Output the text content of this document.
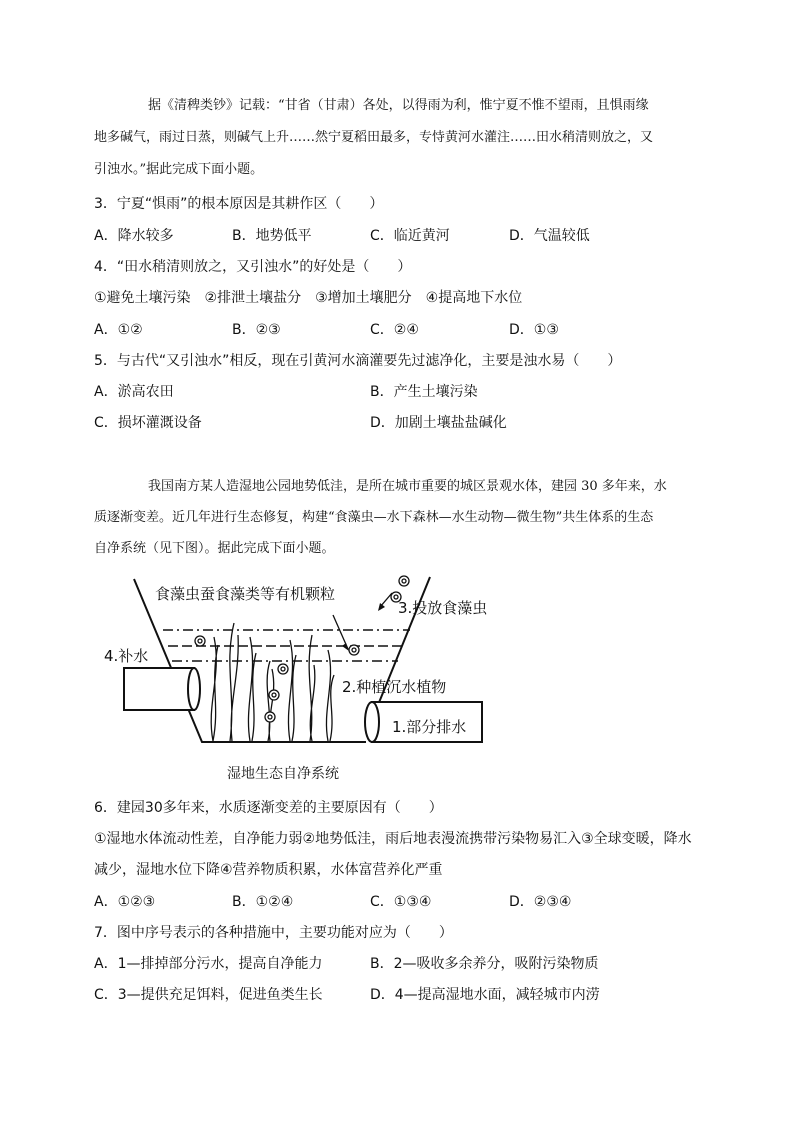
据《清稗类钞》记载：“甘省（甘肃）各处，以得雨为利，惟宁夏不惟不望雨，且惧雨缘
地多碱气，雨过日蒸，则碱气上升……然宁夏稻田最多，专恃黄河水灌注……田水稍清则放之，又
引浊水。”据此完成下面小题。
3．宁夏“惧雨”的根本原因是其耕作区（　　）
A．降水较多	B．地势低平	C．临近黄河	D．气温较低
4．“田水稍清则放之，又引浊水”的好处是（　　）
①避免土壤污染　②排泄土壤盐分　③增加土壤肥分　④提高地下水位
A．①②	B．②③	C．②④	D．①③
5．与古代“又引浊水”相反，现在引黄河水滴灌要先过滤净化，主要是浊水易（　　）
A．淤高农田	B．产生土壤污染
C．损坏灌溉设备	D．加剧土壤盐盐碱化
我国南方某人造湿地公园地势低洼，是所在城市重要的城区景观水体，建园 30 多年来，水
质逐渐变差。近几年进行生态修复，构建“食藻虫—水下森林—水生动物—微生物”共生体系的生态
自净系统（见下图）。据此完成下面小题。
食藻虫蚕食藻类等有机颗粒
3.投放食藻虫
4.补水
2.种植沉水植物
1.部分排水
湿地生态自净系统
6．建园30多年来，水质逐渐变差的主要原因有（　　）
①湿地水体流动性差，自净能力弱②地势低洼，雨后地表漫流携带污染物易汇入③全球变暖，降水
减少，湿地水位下降④营养物质积累，水体富营养化严重
A．①②③	B．①②④	C．①③④	D．②③④
7．图中序号表示的各种措施中，主要功能对应为（　　）
A．1—排掉部分污水，提高自净能力	B．2—吸收多余养分，吸附污染物质
C．3—提供充足饵料，促进鱼类生长	D．4—提高湿地水面，减轻城市内涝
